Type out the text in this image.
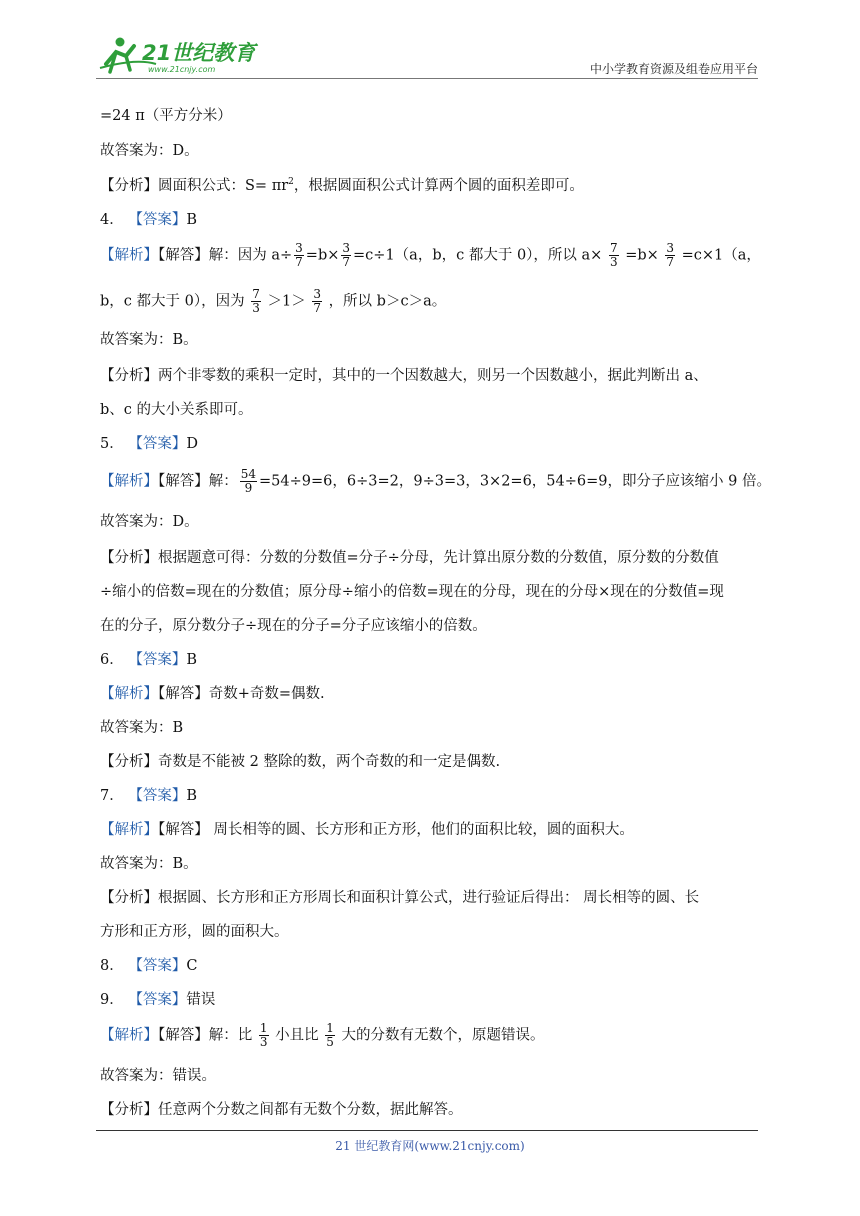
21世纪教育
www.21cnjy.com	中小学教育资源及组卷应用平台
=24 π（平方分米）
故答案为：D。
【分析】圆面积公式：$S= \pi r^2$，根据圆面积公式计算两个圆的面积差即可。
4． 【答案】B
【解析】【解答】解：因为 $a\div \frac{3}{7} =b\times \frac{3}{7} =c\div 1(a$，b，c 都大于 0），所以 $a\times \frac{7}{3} =b\times \frac{3}{7} =c\times 1(a$，
b，c 都大于 0），因为 $\frac{7}{3} >1> \frac{3}{7}$ ，所以 b＞c＞a。
故答案为：B。
【分析】两个非零数的乘积一定时，其中的一个因数越大，则另一个因数越小，据此判断出 a、
b、c 的大小关系即可。
5． 【答案】D
【解析】【解答】解： $\frac{54}{9} =54\div 9=6$，6÷3=2，9÷3=3，3×2=6，54÷6=9，即分子应该缩小 9 倍。
故答案为：D。
【分析】根据题意可得：分数的分数值=分子÷分母，先计算出原分数的分数值，原分数的分数值
÷缩小的倍数=现在的分数值；原分母÷缩小的倍数=现在的分母，现在的分母×现在的分数值=现
在的分子，原分数分子÷现在的分子=分子应该缩小的倍数。
6． 【答案】B
【解析】【解答】奇数+奇数=偶数.
故答案为：B
【分析】奇数是不能被 2 整除的数，两个奇数的和一定是偶数.
7． 【答案】B
【解析】【解答】 周长相等的圆、长方形和正方形，他们的面积比较，圆的面积大。
故答案为：B。
【分析】根据圆、长方形和正方形周长和面积计算公式，进行验证后得出： 周长相等的圆、长
方形和正方形，圆的面积大。
8． 【答案】C
9． 【答案】错误
【解析】【解答】解：比 $\frac{1}{3}$ 小且比 $\frac{1}{5}$ 大的分数有无数个，原题错误。
故答案为：错误。
【分析】任意两个分数之间都有无数个分数，据此解答。
21 世纪教育网(www.21cnjy.com)
